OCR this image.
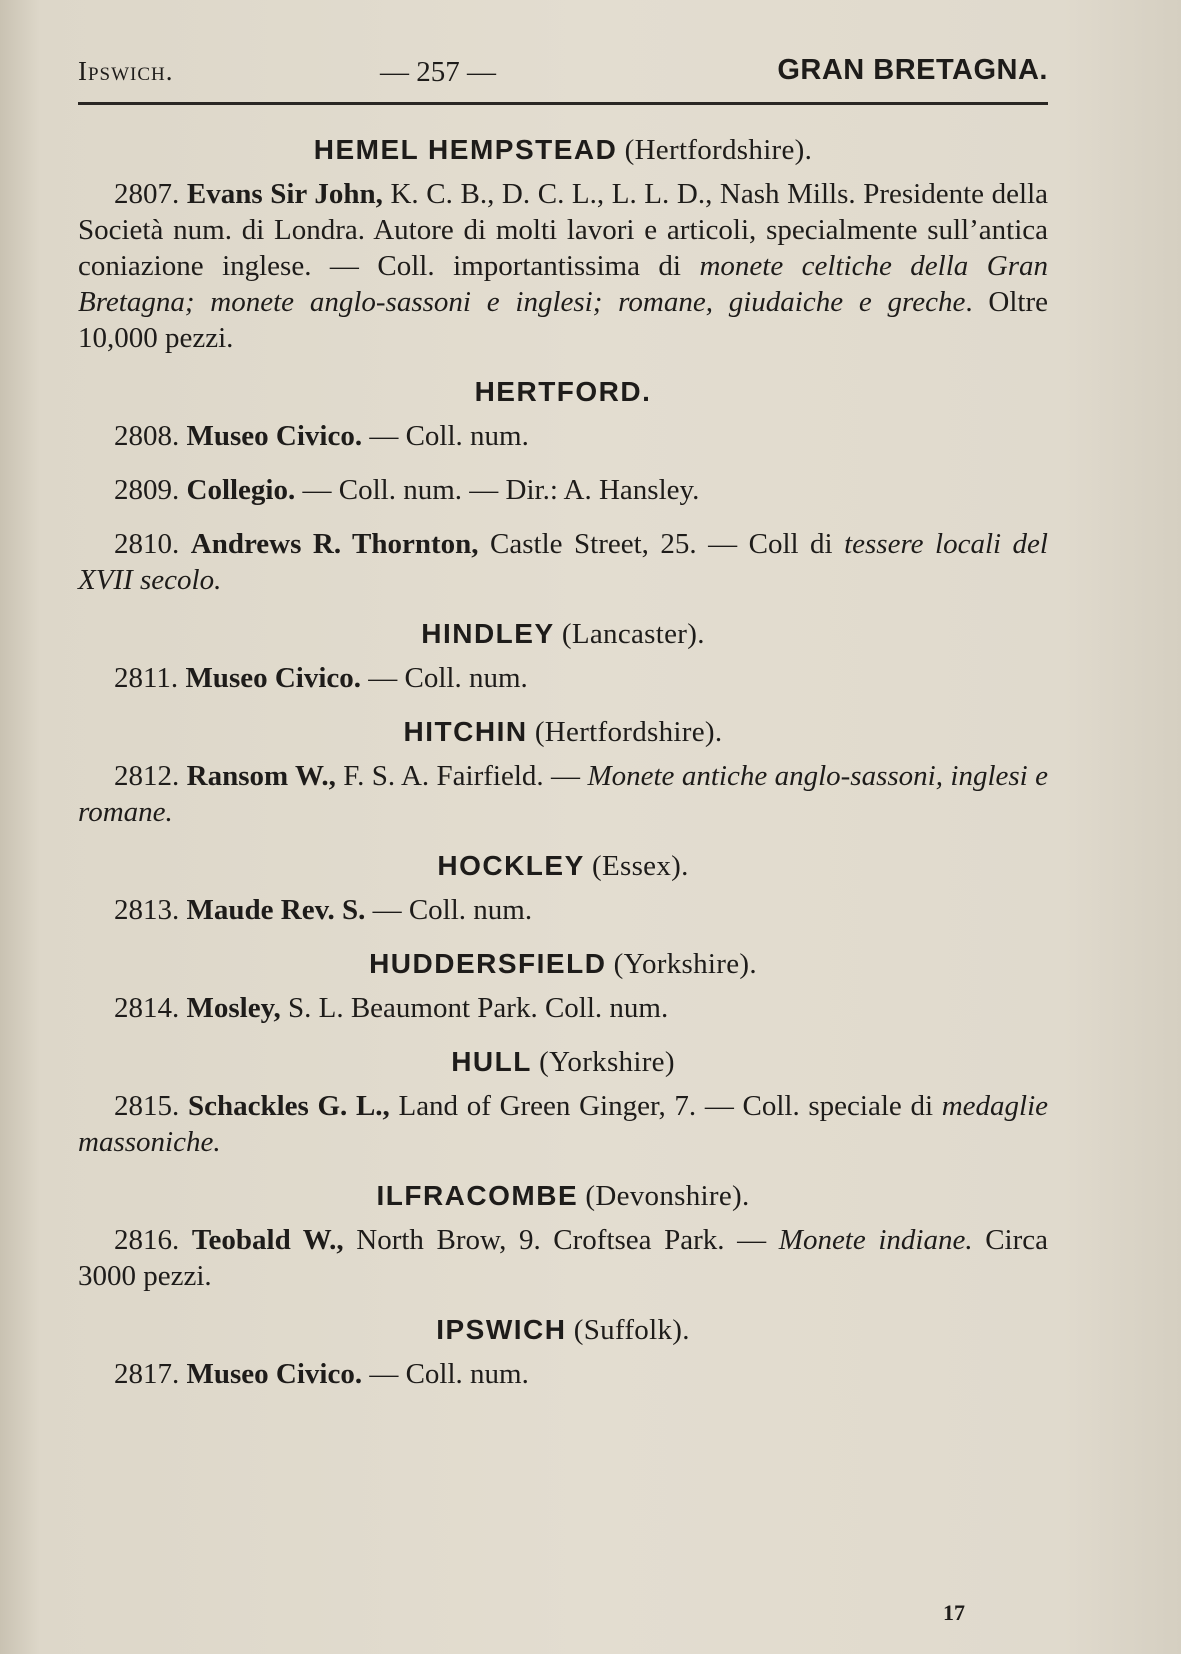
Ipswich.	— 257 —	GRAN BRETAGNA.
HEMEL HEMPSTEAD (Hertfordshire).

2807. Evans Sir John, K. C. B., D. C. L., L. L. D., Nash Mills. Presidente della Società num. di Londra. Autore di molti lavori e articoli, specialmente sull’antica coniazione inglese. — Coll. importantissima di monete celtiche della Gran Bretagna; monete anglo-sassoni e inglesi; romane, giudaiche e greche. Oltre 10,000 pezzi.

HERTFORD.

2808. Museo Civico. — Coll. num.

2809. Collegio. — Coll. num. — Dir.: A. Hansley.

2810. Andrews R. Thornton, Castle Street, 25. — Coll di tessere locali del XVII secolo.

HINDLEY (Lancaster).

2811. Museo Civico. — Coll. num.

HITCHIN (Hertfordshire).

2812. Ransom W., F. S. A. Fairfield. — Monete antiche anglo-sassoni, inglesi e romane.

HOCKLEY (Essex).

2813. Maude Rev. S. — Coll. num.

HUDDERSFIELD (Yorkshire).

2814. Mosley, S. L. Beaumont Park. Coll. num.

HULL (Yorkshire)

2815. Schackles G. L., Land of Green Ginger, 7. — Coll. speciale di medaglie massoniche.

ILFRACOMBE (Devonshire).

2816. Teobald W., North Brow, 9. Croftsea Park. — Monete indiane. Circa 3000 pezzi.

IPSWICH (Suffolk).

2817. Museo Civico. — Coll. num.

17
